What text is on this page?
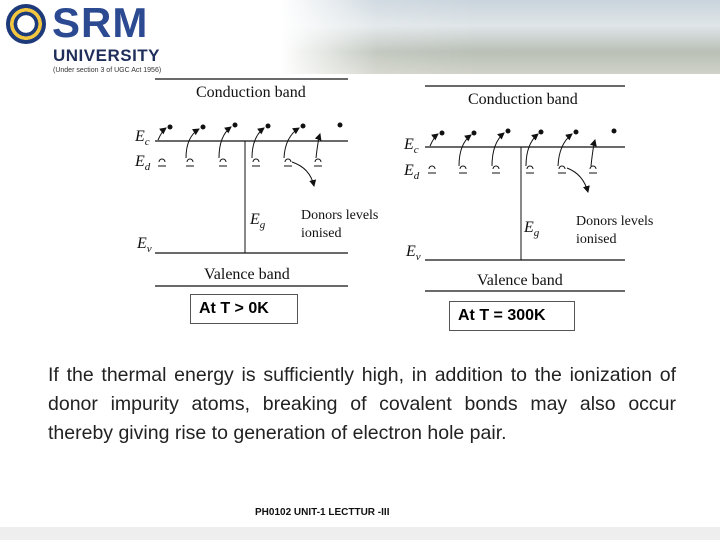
SRM
UNIVERSITY
(Under section 3 of UGC Act 1956)
Conduction band
$E_c$
$E_d$
$E_v$
$E_g$
Donors levels
ionised
Valence band
Conduction band
$E_c$
$E_d$
$E_v$
$E_g$
Donors levels
ionised
Valence band
At T > 0K	At T = 300K

If the thermal energy is sufficiently high, in addition to the ionization of donor impurity atoms, breaking of covalent bonds may also occur thereby giving rise to generation of electron hole pair.

PH0102 UNIT-1 LECTTUR -III
